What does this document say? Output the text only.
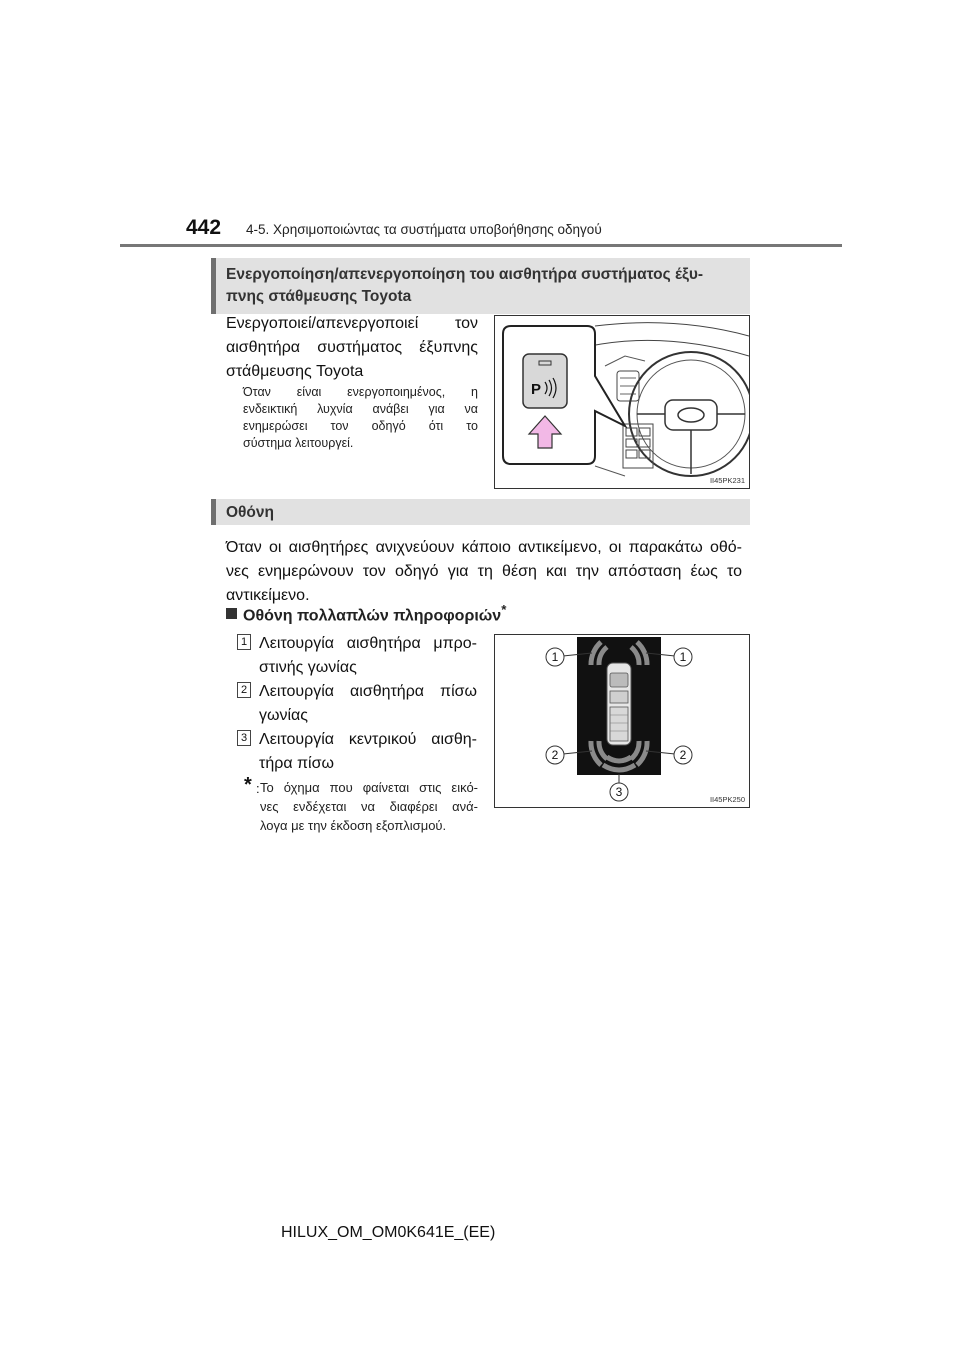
442 4-5. Χρησιμοποιώντας τα συστήματα υποβοήθησης οδηγού
Ενεργοποίηση/απενεργοποίηση του αισθητήρα συστήματος έξυ-
πνης στάθμευσης Toyota
Ενεργοποιεί/απενεργοποιεί τον
αισθητήρα συστήματος έξυπνης
στάθμευσης Toyota
Όταν είναι ενεργοποιημένος, η
ενδεικτική λυχνία ανάβει για να
ενημερώσει τον οδηγό ότι το
σύστημα λειτουργεί.
P
II45PK231
Οθόνη
Όταν οι αισθητήρες ανιχνεύουν κάποιο αντικείμενο, οι παρακάτω οθό-
νες ενημερώνουν τον οδηγό για τη θέση και την απόσταση έως το
αντικείμενο.
Οθόνη πολλαπλών πληροφοριών*
1 Λειτουργία αισθητήρα μπρο-
στινής γωνίας
2 Λειτουργία αισθητήρα πίσω
γωνίας
3 Λειτουργία κεντρικού αισθη-
τήρα πίσω
* : Το όχημα που φαίνεται στις εικό-
νες ενδέχεται να διαφέρει ανά-
λογα με την έκδοση εξοπλισμού.
1	1
2	2
3
II45PK250
HILUX_OM_OM0K641E_(EE)
